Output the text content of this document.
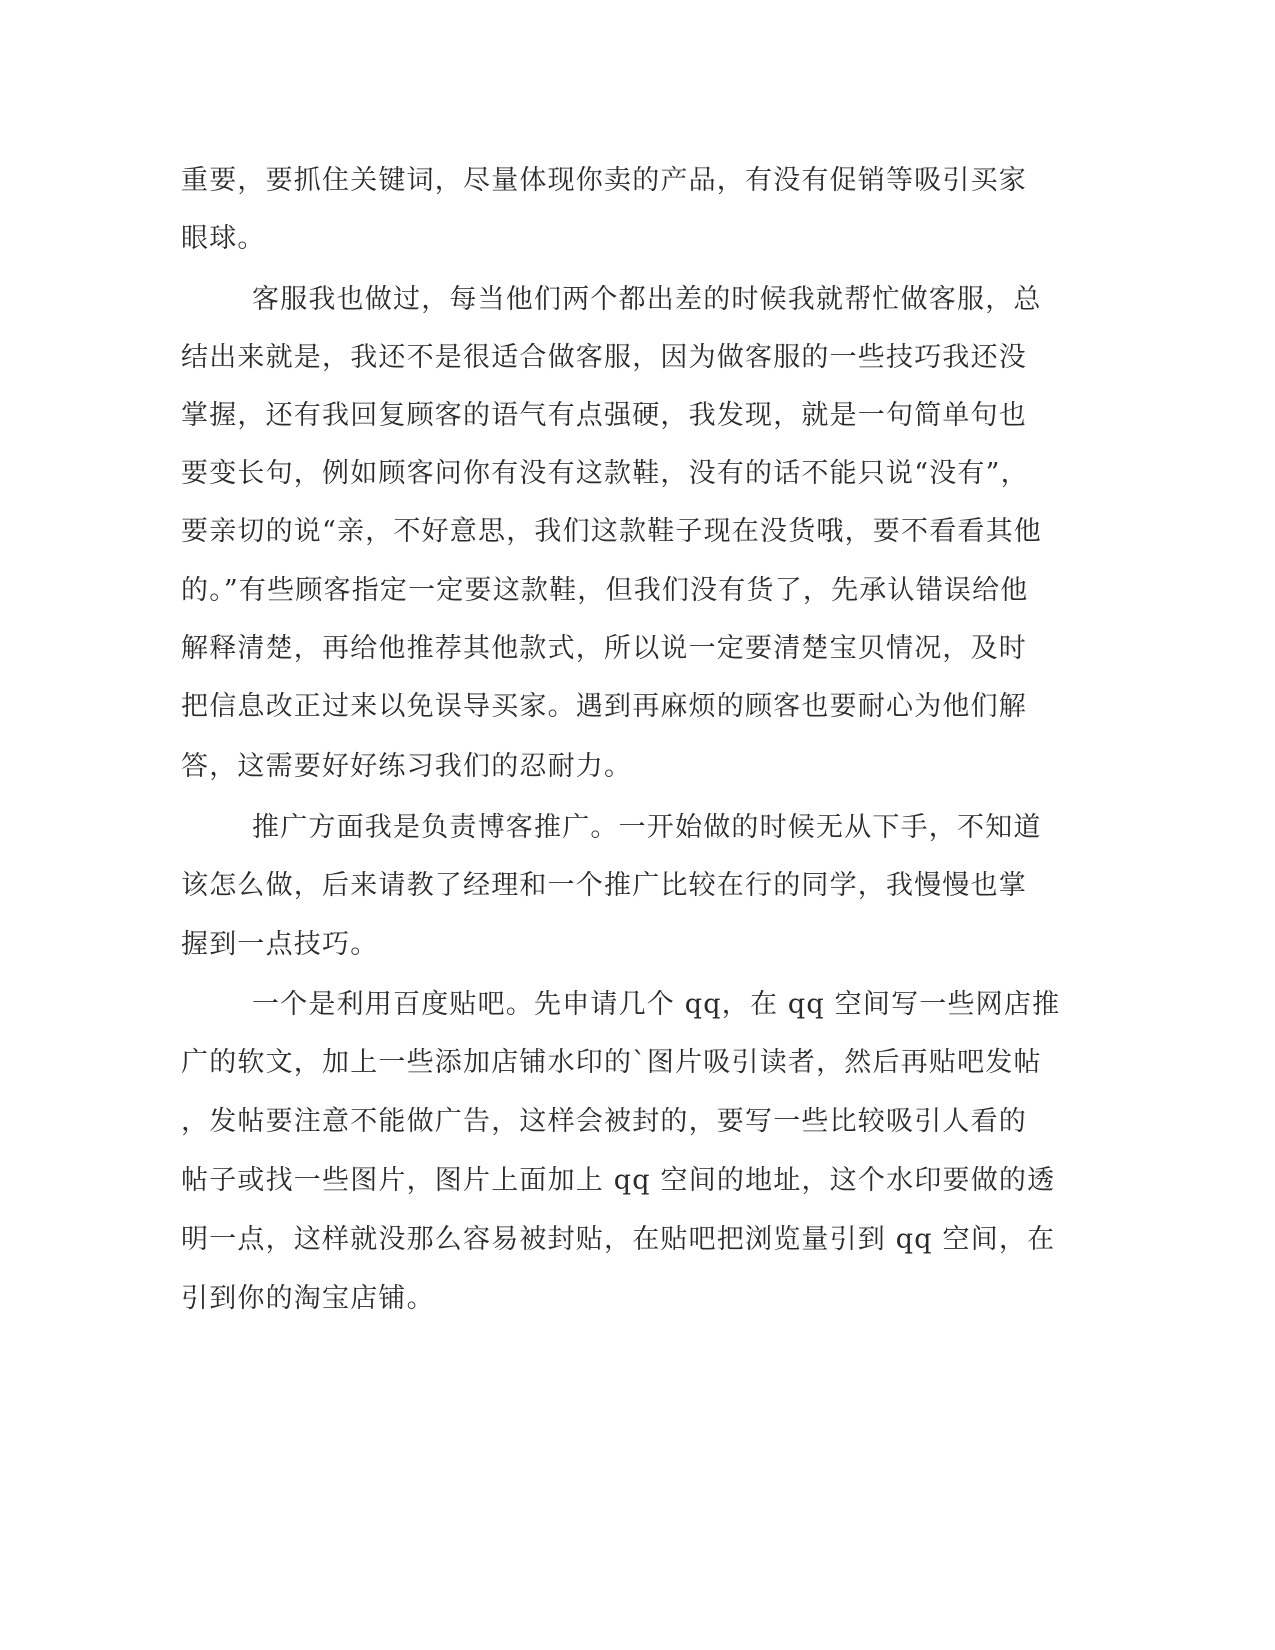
重要，要抓住关键词，尽量体现你卖的产品，有没有促销等吸引买家

眼球。

客服我也做过，每当他们两个都出差的时候我就帮忙做客服，总

结出来就是，我还不是很适合做客服，因为做客服的一些技巧我还没

掌握，还有我回复顾客的语气有点强硬，我发现，就是一句简单句也

要变长句，例如顾客问你有没有这款鞋，没有的话不能只说“没有”，

要亲切的说“亲，不好意思，我们这款鞋子现在没货哦，要不看看其他

的。”有些顾客指定一定要这款鞋，但我们没有货了，先承认错误给他

解释清楚，再给他推荐其他款式，所以说一定要清楚宝贝情况，及时

把信息改正过来以免误导买家。遇到再麻烦的顾客也要耐心为他们解

答，这需要好好练习我们的忍耐力。

推广方面我是负责博客推广。一开始做的时候无从下手，不知道

该怎么做，后来请教了经理和一个推广比较在行的同学，我慢慢也掌

握到一点技巧。

一个是利用百度贴吧。先申请几个 qq，在 qq 空间写一些网店推

广的软文，加上一些添加店铺水印的`图片吸引读者，然后再贴吧发帖

，发帖要注意不能做广告，这样会被封的，要写一些比较吸引人看的

帖子或找一些图片，图片上面加上 qq 空间的地址，这个水印要做的透

明一点，这样就没那么容易被封贴，在贴吧把浏览量引到 qq 空间，在

引到你的淘宝店铺。
